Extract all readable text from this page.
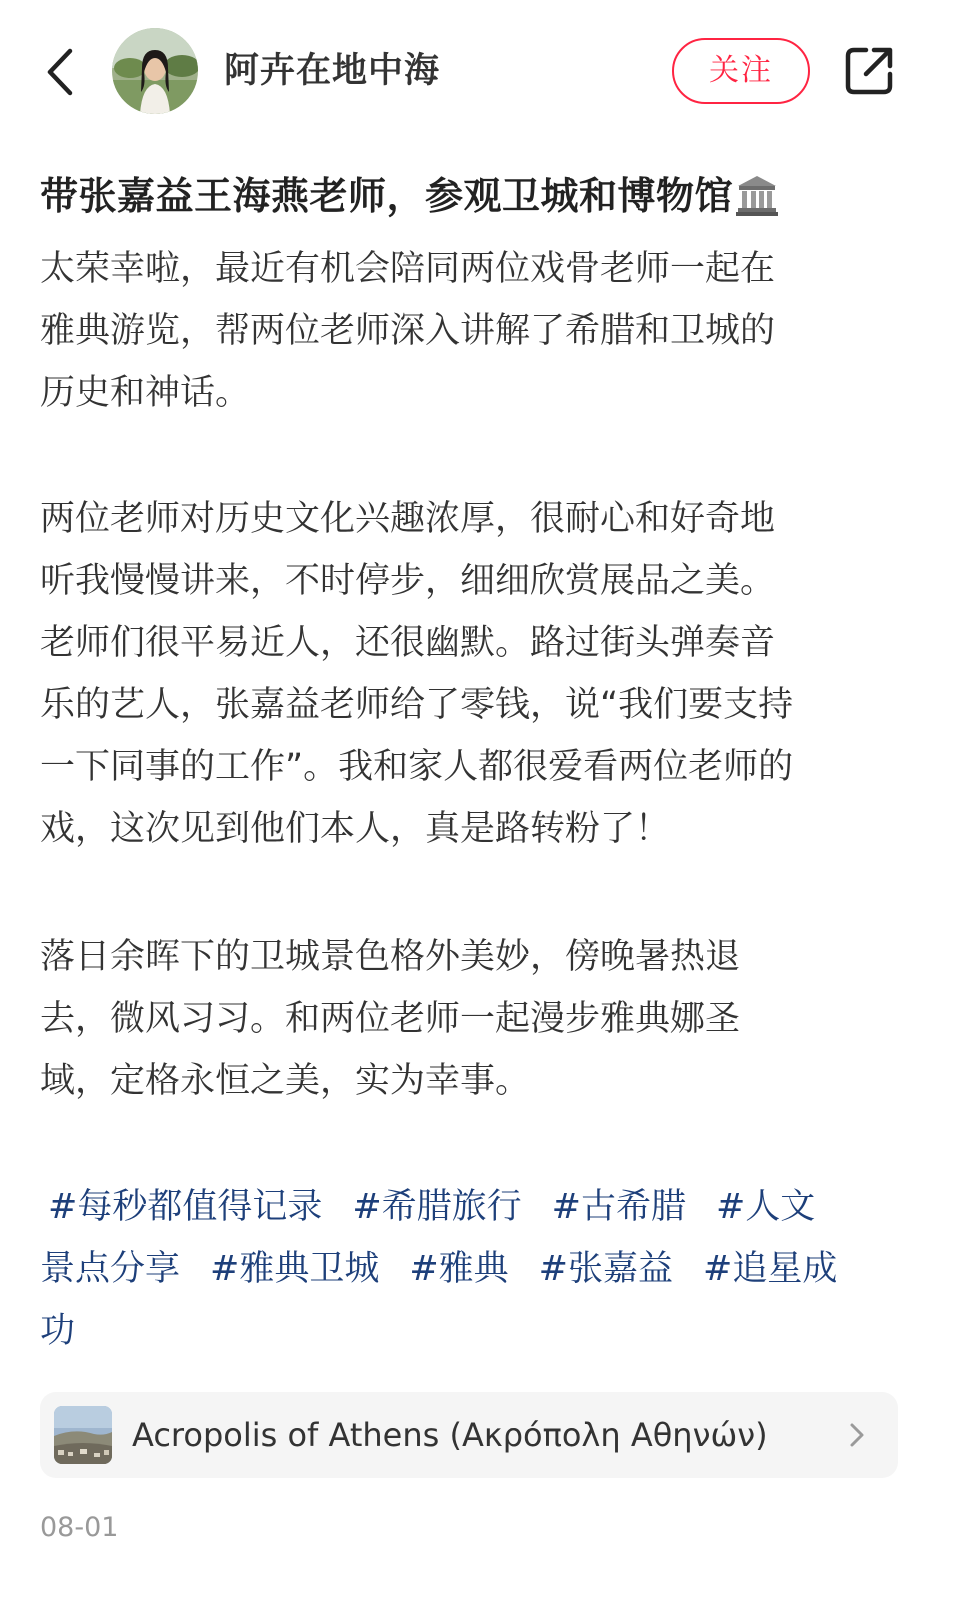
阿卉在地中海	关注
带张嘉益王海燕老师，参观卫城和博物馆
太荣幸啦，最近有机会陪同两位戏骨老师一起在
雅典游览，帮两位老师深入讲解了希腊和卫城的
历史和神话。
两位老师对历史文化兴趣浓厚，很耐心和好奇地
听我慢慢讲来，不时停步，细细欣赏展品之美。
老师们很平易近人，还很幽默。路过街头弹奏音
乐的艺人，张嘉益老师给了零钱，说“我们要支持
一下同事的工作”。我和家人都很爱看两位老师的
戏，这次见到他们本人，真是路转粉了！
落日余晖下的卫城景色格外美妙，傍晚暑热退
去，微风习习。和两位老师一起漫步雅典娜圣
域，定格永恒之美，实为幸事。
#每秒都值得记录 #希腊旅行 #古希腊 #人文
景点分享 #雅典卫城 #雅典 #张嘉益 #追星成
功
Acropolis of Athens (Ακρόπολη Αθηνών)
08-01
